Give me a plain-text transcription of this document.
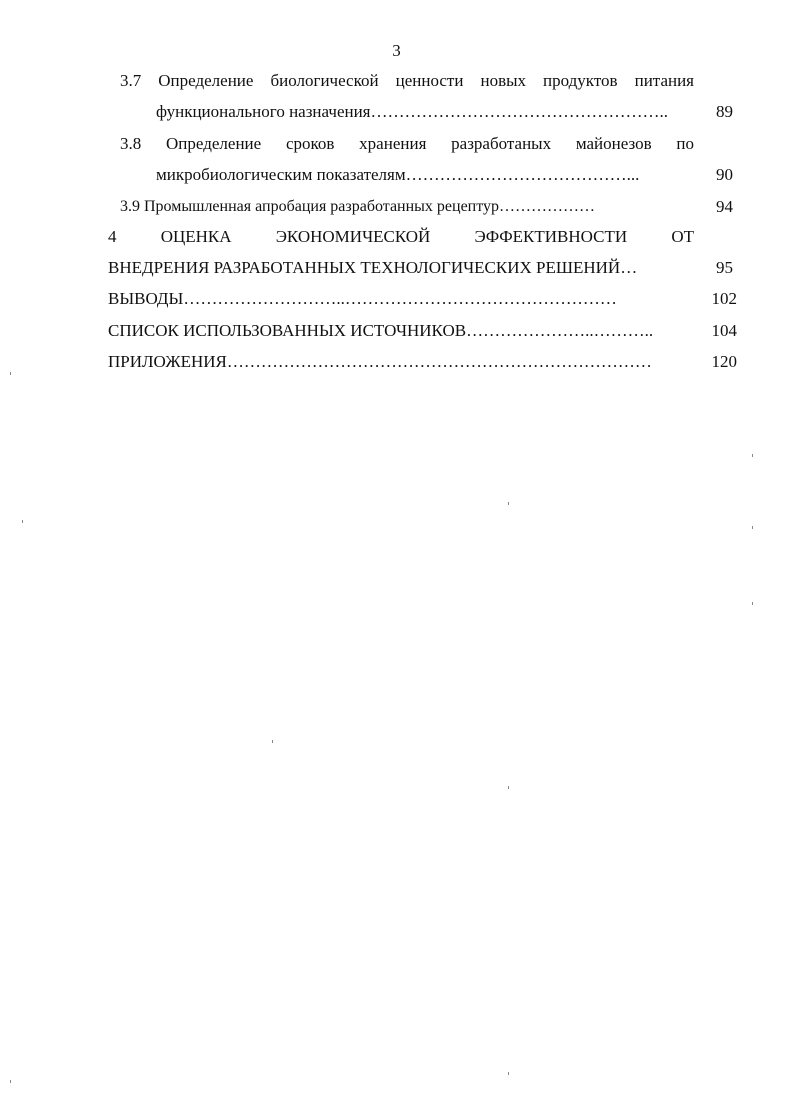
3
3.7 Определение биологической ценности новых продуктов питания
функционального назначения……………………………………………..	89
3.8 Определение сроков хранения разработаных майонезов по
микробиологическим показателям…………………………………...	90
3.9 Промышленная апробация разработанных рецептур………………	94
4 ОЦЕНКА ЭКОНОМИЧЕСКОЙ ЭФФЕКТИВНОСТИ ОТ
ВНЕДРЕНИЯ РАЗРАБОТАННЫХ ТЕХНОЛОГИЧЕСКИХ РЕШЕНИЙ…	95
ВЫВОДЫ………………………..…………………………………………	102
СПИСОК ИСПОЛЬЗОВАННЫХ ИСТОЧНИКОВ…………………..………..	104
ПРИЛОЖЕНИЯ…………………………………………………………………	120
